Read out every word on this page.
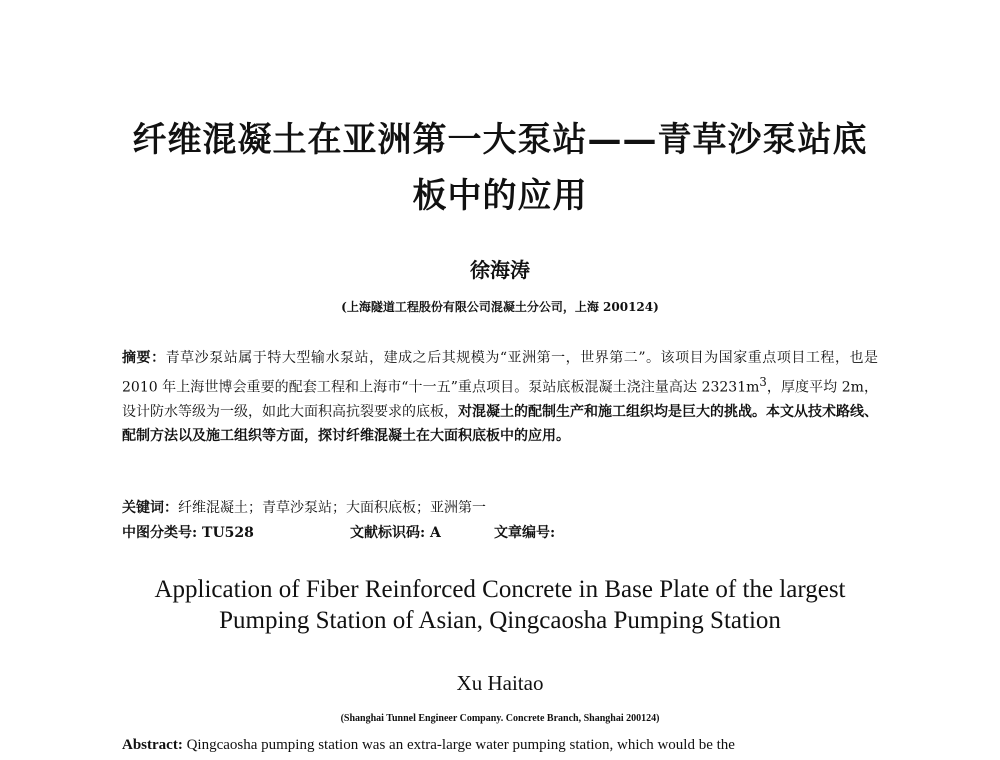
纤维混凝土在亚洲第一大泵站——青草沙泵站底
板中的应用

徐海涛

(上海隧道工程股份有限公司混凝土分公司，上海 200124)

摘要：青草沙泵站属于特大型输水泵站，建成之后其规模为“亚洲第一，世界第二”。该项目为国家重点项目工程，也是 2010 年上海世博会重要的配套工程和上海市“十一五”重点项目。泵站底板混凝土浇注量高达 $23231m^3$，厚度平均 2m，设计防水等级为一级，如此大面积高抗裂要求的底板，对混凝土的配制生产和施工组织均是巨大的挑战。本文从技术路线、配制方法以及施工组织等方面，探讨纤维混凝土在大面积底板中的应用。

关键词：纤维混凝土；青草沙泵站；大面积底板；亚洲第一

中图分类号: TU528	文献标识码: A	文章编号:

Application of Fiber Reinforced Concrete in Base Plate of the largest
Pumping Station of Asian, Qingcaosha Pumping Station

Xu Haitao

(Shanghai Tunnel Engineer Company. Concrete Branch, Shanghai 200124)

Abstract: Qingcaosha pumping station was an extra-large water pumping station, which would be the
